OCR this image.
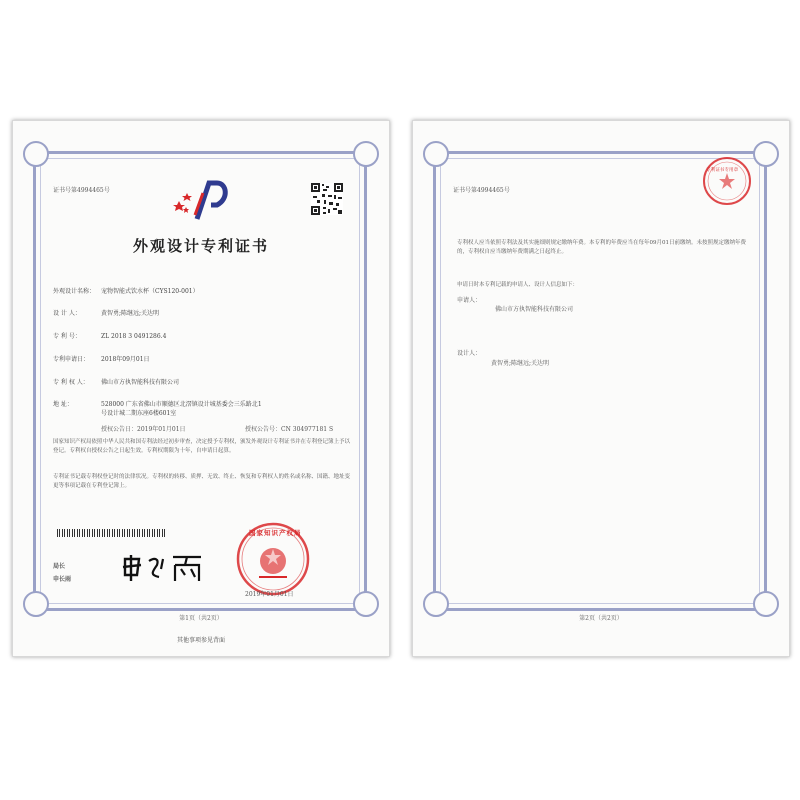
证书号第4994465号
外观设计专利证书
外观设计名称： 宠物智能式饮水杯（CYS120-001）
设 计 人：	黄智勇;陈继远;关达明
专 利 号：	ZL 2018 3 0491286.4
专利申请日： 2018年09月01日
专 利 权 人： 佛山市方执智能科技有限公司
地 址：	528000 广东省佛山市顺德区北滘镇设计城基委会三乐路北1号设计城二期东座6楼601室
授权公告日：2019年01月01日	授权公告号：CN 304977181 S
国家知识产权局依照中华人民共和国专利法经过初步审查，决定授予专利权，颁发外观设计专利证书并在专利登记簿上予以登记。专利权自授权公告之日起生效。专利权期限为十年，自申请日起算。
专利证书记载专利权登记时的法律状况。专利权的转移、质押、无效、终止、恢复和专利权人的姓名或名称、国籍、地址变更等事项记载在专利登记簿上。
局长
申长雨
国家知识产权局
2019年01月01日
第1页（共2页）
其他事项参见背面
证书号第4994465号
专利证书专用章
专利权人应当依照专利法及其实施细则规定缴纳年费。本专利的年费应当在每年09月01日前缴纳。未按照规定缴纳年费的，专利权自应当缴纳年费期满之日起终止。
申请日时本专利记载的申请人、设计人信息如下：
申请人：
佛山市方执智能科技有限公司
设计人：
黄智勇;陈继远;关达明
第2页（共2页）
